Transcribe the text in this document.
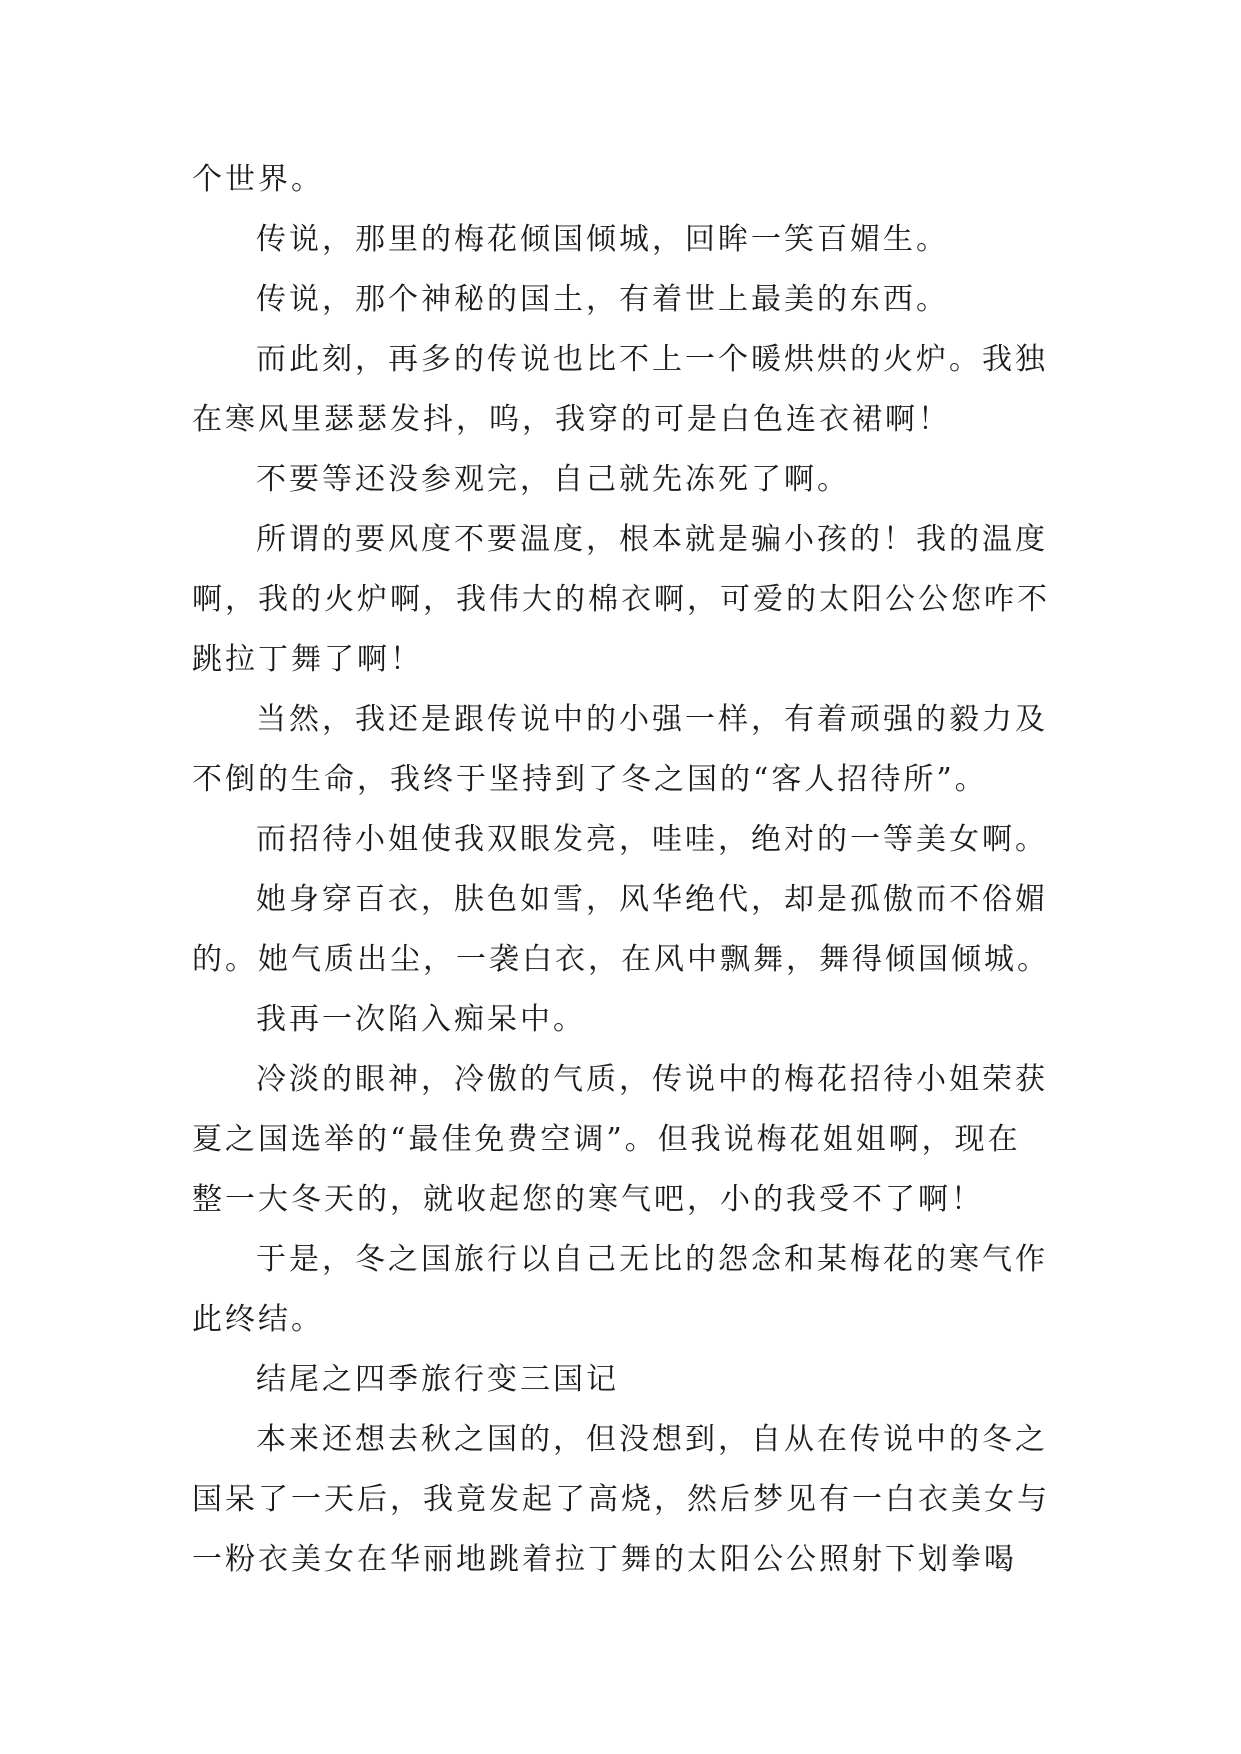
个世界。
传说，那里的梅花倾国倾城，回眸一笑百媚生。
传说，那个神秘的国土，有着世上最美的东西。
而此刻，再多的传说也比不上一个暖烘烘的火炉。我独
在寒风里瑟瑟发抖，呜，我穿的可是白色连衣裙啊！
不要等还没参观完，自己就先冻死了啊。
所谓的要风度不要温度，根本就是骗小孩的！我的温度
啊，我的火炉啊，我伟大的棉衣啊，可爱的太阳公公您咋不
跳拉丁舞了啊！
当然，我还是跟传说中的小强一样，有着顽强的毅力及
不倒的生命，我终于坚持到了冬之国的“客人招待所”。
而招待小姐使我双眼发亮，哇哇，绝对的一等美女啊。
她身穿百衣，肤色如雪，风华绝代，却是孤傲而不俗媚
的。她气质出尘，一袭白衣，在风中飘舞，舞得倾国倾城。
我再一次陷入痴呆中。
冷淡的眼神，冷傲的气质，传说中的梅花招待小姐荣获
夏之国选举的“最佳免费空调”。但我说梅花姐姐啊，现在
整一大冬天的，就收起您的寒气吧，小的我受不了啊！
于是，冬之国旅行以自己无比的怨念和某梅花的寒气作
此终结。
结尾之四季旅行变三国记
本来还想去秋之国的，但没想到，自从在传说中的冬之
国呆了一天后，我竟发起了高烧，然后梦见有一白衣美女与
一粉衣美女在华丽地跳着拉丁舞的太阳公公照射下划拳喝
